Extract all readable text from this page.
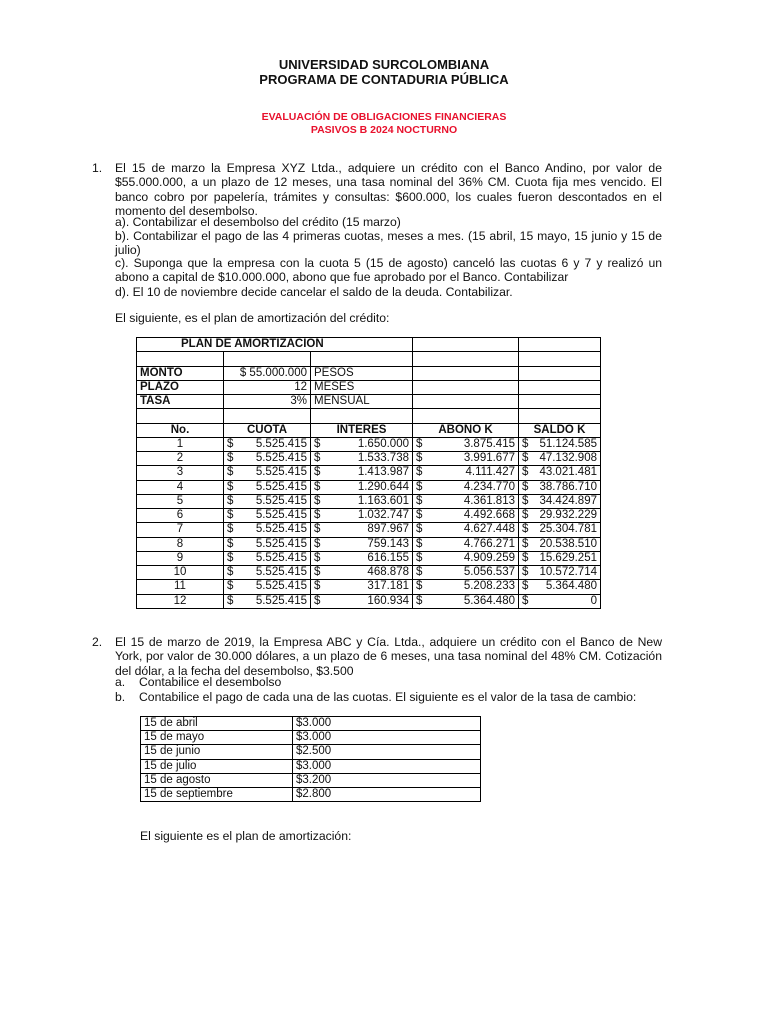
UNIVERSIDAD SURCOLOMBIANA
PROGRAMA DE CONTADURIA PÚBLICA
EVALUACIÓN DE OBLIGACIONES FINANCIERAS
PASIVOS B 2024 NOCTURNO
1. El 15 de marzo la Empresa XYZ Ltda., adquiere un crédito con el Banco Andino, por valor de $55.000.000, a un plazo de 12 meses, una tasa nominal del 36% CM. Cuota fija mes vencido. El banco cobro por papelería, trámites y consultas: $600.000, los cuales fueron descontados en el momento del desembolso.
a). Contabilizar el desembolso del crédito (15 marzo)
b). Contabilizar el pago de las 4 primeras cuotas, meses a mes. (15 abril, 15 mayo, 15 junio y 15 de julio)
c). Suponga que la empresa con la cuota 5 (15 de agosto) canceló las cuotas 6 y 7 y realizó un abono a capital de $10.000.000, abono que fue aprobado por el Banco. Contabilizar
d). El 10 de noviembre decide cancelar el saldo de la deuda. Contabilizar.
El siguiente, es el plan de amortización del crédito:
PLAN DE AMORTIZACION				

MONTO	$ 55.000.000	PESOS		
PLAZO	12	MESES		
TASA	3%	MENSUAL		

No.	CUOTA	INTERES	ABONO K	SALDO K
1	$ 5.525.415	$ 1.650.000	$ 3.875.415	$ 51.124.585

2	$ 5.525.415	$ 1.533.738	$ 3.991.677	$ 47.132.908

3	$ 5.525.415	$ 1.413.987	$ 4.111.427	$ 43.021.481

4	$ 5.525.415	$ 1.290.644	$ 4.234.770	$ 38.786.710

5	$ 5.525.415	$ 1.163.601	$ 4.361.813	$ 34.424.897

6	$ 5.525.415	$ 1.032.747	$ 4.492.668	$ 29.932.229

7	$ 5.525.415	$ 897.967	$ 4.627.448	$ 25.304.781

8	$ 5.525.415	$ 759.143	$ 4.766.271	$ 20.538.510

9	$ 5.525.415	$ 616.155	$ 4.909.259	$ 15.629.251

10	$ 5.525.415	$ 468.878	$ 5.056.537	$ 10.572.714

11	$ 5.525.415	$ 317.181	$ 5.208.233	$ 5.364.480

12	$ 5.525.415	$ 160.934	$ 5.364.480	$ 0
2. El 15 de marzo de 2019, la Empresa ABC y Cía. Ltda., adquiere un crédito con el Banco de New York, por valor de 30.000 dólares, a un plazo de 6 meses, una tasa nominal del 48% CM. Cotización del dólar, a la fecha del desembolso, $3.500
a. Contabilice el desembolso
b. Contabilice el pago de cada una de las cuotas. El siguiente es el valor de la tasa de cambio:
15 de abril	$3.000
15 de mayo	$3.000
15 de junio	$2.500
15 de julio	$3.000
15 de agosto	$3.200
15 de septiembre	$2.800
El siguiente es el plan de amortización:
